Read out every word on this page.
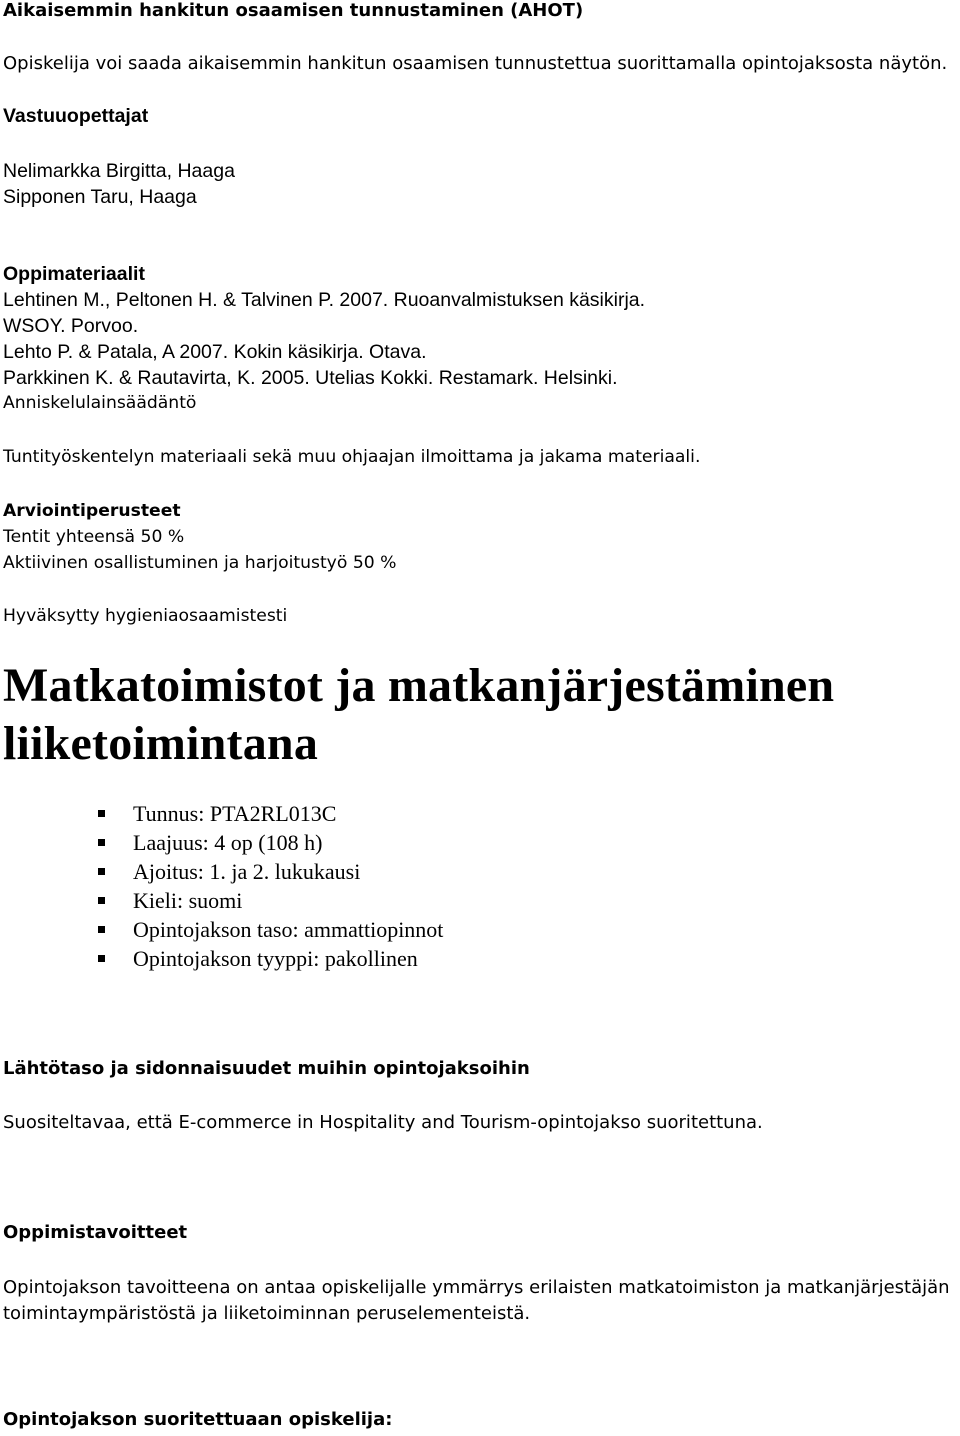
Aikaisemmin hankitun osaamisen tunnustaminen (AHOT)
Opiskelija voi saada aikaisemmin hankitun osaamisen tunnustettua suorittamalla opintojaksosta näytön.
Vastuuopettajat
Nelimarkka Birgitta, Haaga
Sipponen Taru, Haaga
Oppimateriaalit
Lehtinen M., Peltonen H. & Talvinen P. 2007. Ruoanvalmistuksen käsikirja.
WSOY. Porvoo.
Lehto P. & Patala, A 2007. Kokin käsikirja. Otava.
Parkkinen K. & Rautavirta, K. 2005. Utelias Kokki. Restamark. Helsinki.
Anniskelulainsäädäntö
Tuntityöskentelyn materiaali sekä muu ohjaajan ilmoittama ja jakama materiaali.
Arviointiperusteet
Tentit yhteensä 50 %
Aktiivinen osallistuminen ja harjoitustyö 50 %
Hyväksytty hygieniaosaamistesti
Matkatoimistot ja matkanjärjestäminen
liiketoimintana
Tunnus: PTA2RL013C
Laajuus: 4 op (108 h)
Ajoitus: 1. ja 2. lukukausi
Kieli: suomi
Opintojakson taso: ammattiopinnot
Opintojakson tyyppi: pakollinen
Lähtötaso ja sidonnaisuudet muihin opintojaksoihin
Suositeltavaa, että E-commerce in Hospitality and Tourism-opintojakso suoritettuna.
Oppimistavoitteet
Opintojakson tavoitteena on antaa opiskelijalle ymmärrys erilaisten matkatoimiston ja matkanjärjestäjän
toimintaympäristöstä ja liiketoiminnan peruselementeistä.
Opintojakson suoritettuaan opiskelija:
